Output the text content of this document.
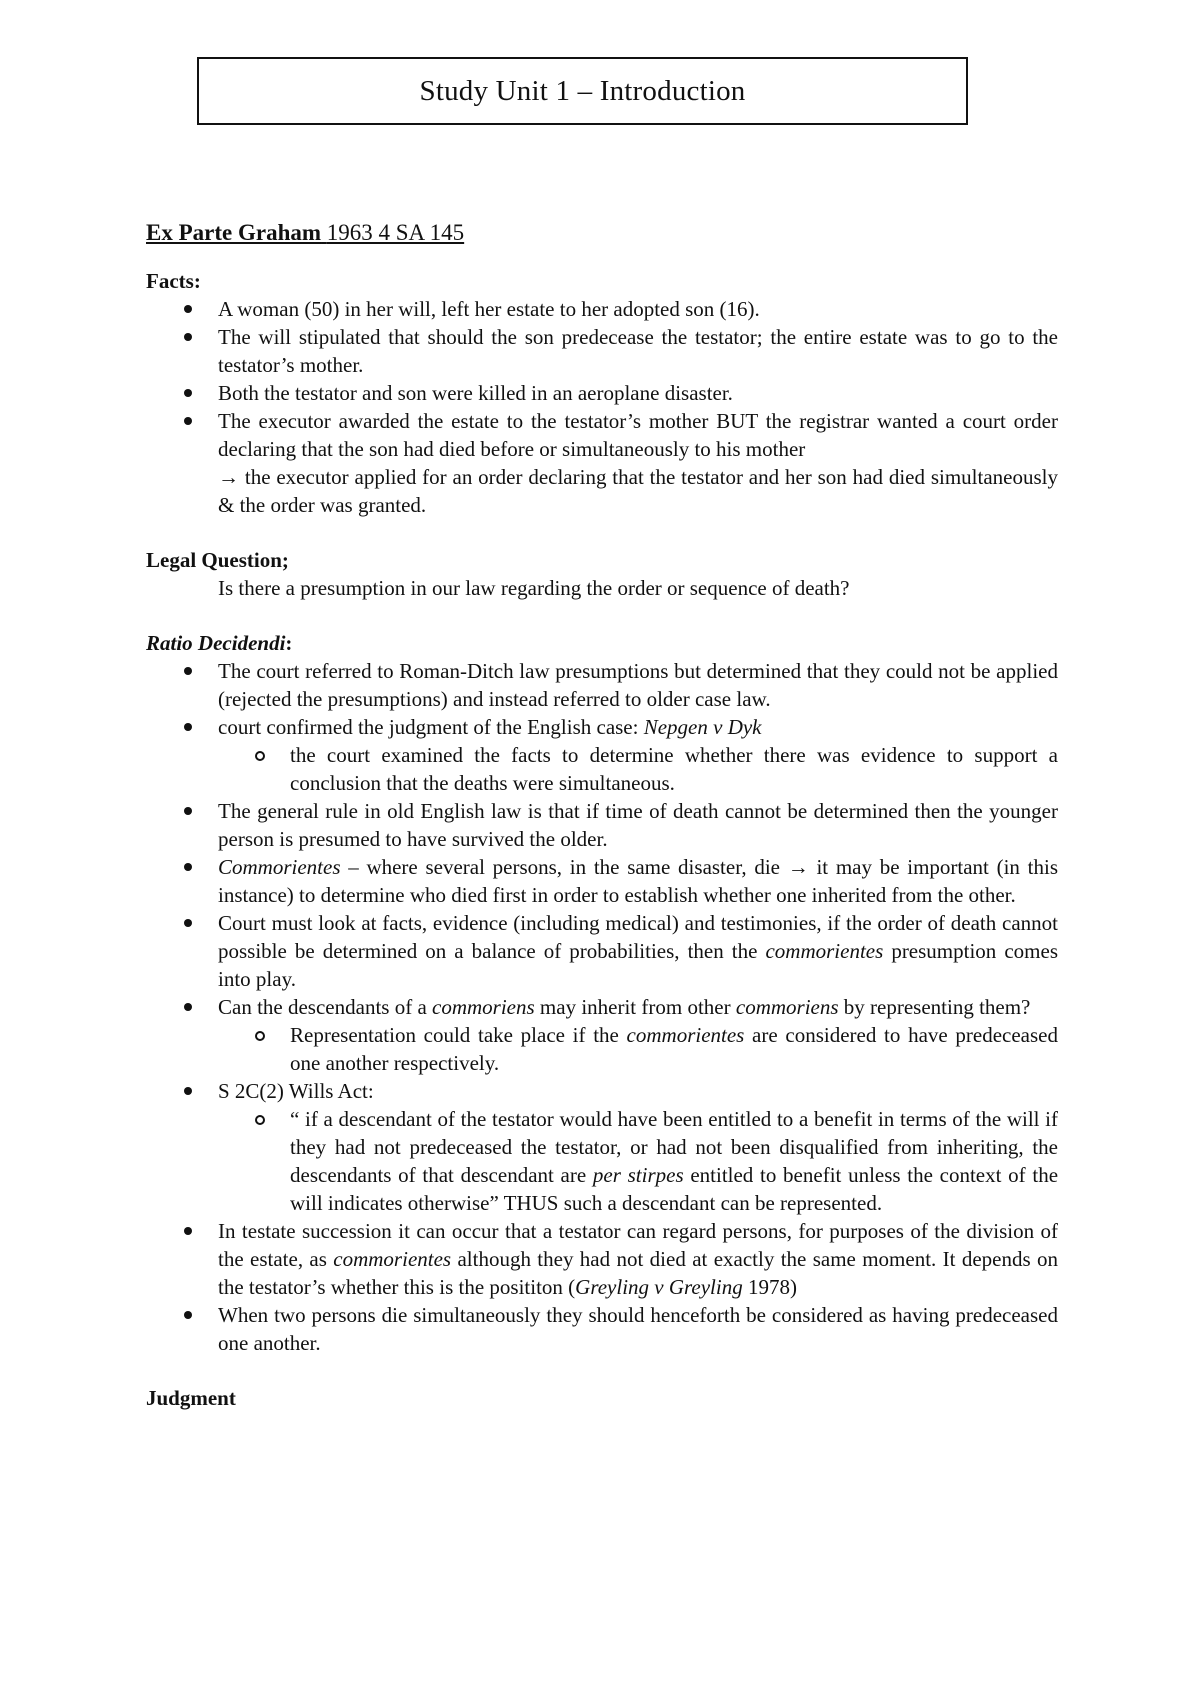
Study Unit 1 – Introduction
Ex Parte Graham 1963 4 SA 145

Facts:

A woman (50) in her will, left her estate to her adopted son (16).
The will stipulated that should the son predecease the testator; the entire estate was to go to the testator’s mother.
Both the testator and son were killed in an aeroplane disaster.
The executor awarded the estate to the testator’s mother BUT the registrar wanted a court order declaring that the son had died before or simultaneously to his mother
→ the executor applied for an order declaring that the testator and her son had died simultaneously & the order was granted.

Legal Question;

Is there a presumption in our law regarding the order or sequence of death?

Ratio Decidendi:

The court referred to Roman-Ditch law presumptions but determined that they could not be applied (rejected the presumptions) and instead referred to older case law.
court confirmed the judgment of the English case: Nepgen v Dyk
the court examined the facts to determine whether there was evidence to support a conclusion that the deaths were simultaneous.
The general rule in old English law is that if time of death cannot be determined then the younger person is presumed to have survived the older.
Commorientes – where several persons, in the same disaster, die → it may be important (in this instance) to determine who died first in order to establish whether one inherited from the other.
Court must look at facts, evidence (including medical) and testimonies, if the order of death cannot possible be determined on a balance of probabilities, then the commorientes presumption comes into play.
Can the descendants of a commoriens may inherit from other commoriens by representing them?
Representation could take place if the commorientes are considered to have predeceased one another respectively.
S 2C(2) Wills Act:
“ if a descendant of the testator would have been entitled to a benefit in terms of the will if they had not predeceased the testator, or had not been disqualified from inheriting, the descendants of that descendant are per stirpes entitled to benefit unless the context of the will indicates otherwise” THUS such a descendant can be represented.
In testate succession it can occur that a testator can regard persons, for purposes of the division of the estate, as commorientes although they had not died at exactly the same moment. It depends on the testator’s whether this is the posititon (Greyling v Greyling 1978)
When two persons die simultaneously they should henceforth be considered as having predeceased one another.

Judgment
